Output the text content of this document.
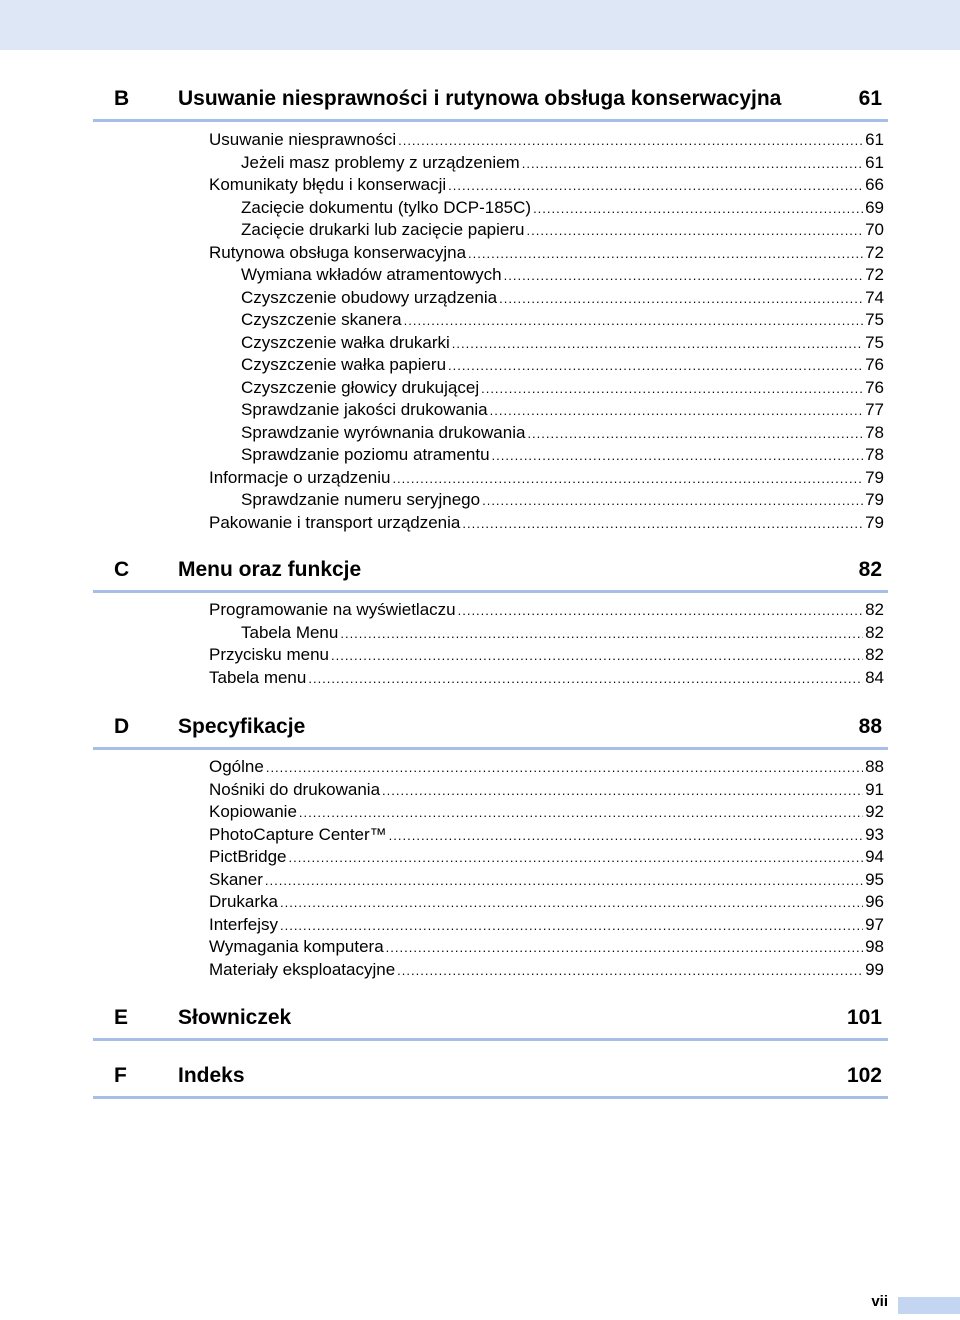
B Usuwanie niesprawności i rutynowa obsługa konserwacyjna	61
Usuwanie niesprawności .....	61
Jeżeli masz problemy z urządzeniem .....	61
Komunikaty błędu i konserwacji .....	66
Zacięcie dokumentu (tylko DCP-185C) .....	69
Zacięcie drukarki lub zacięcie papieru .....	70
Rutynowa obsługa konserwacyjna .....	72
Wymiana wkładów atramentowych .....	72
Czyszczenie obudowy urządzenia .....	74
Czyszczenie skanera .....	75
Czyszczenie wałka drukarki .....	75
Czyszczenie wałka papieru .....	76
Czyszczenie głowicy drukującej .....	76
Sprawdzanie jakości drukowania .....	77
Sprawdzanie wyrównania drukowania .....	78
Sprawdzanie poziomu atramentu .....	78
Informacje o urządzeniu .....	79
Sprawdzanie numeru seryjnego .....	79
Pakowanie i transport urządzenia .....	79
C Menu oraz funkcje	82
Programowanie na wyświetlaczu .....	82
Tabela Menu .....	82
Przycisku menu .....	82
Tabela menu .....	84
D Specyfikacje	88
Ogólne .....	88
Nośniki do drukowania .....	91
Kopiowanie .....	92
PhotoCapture Center™ .....	93
PictBridge .....	94
Skaner .....	95
Drukarka .....	96
Interfejsy .....	97
Wymagania komputera .....	98
Materiały eksploatacyjne .....	99
E Słowniczek	101
F Indeks	102
vii
